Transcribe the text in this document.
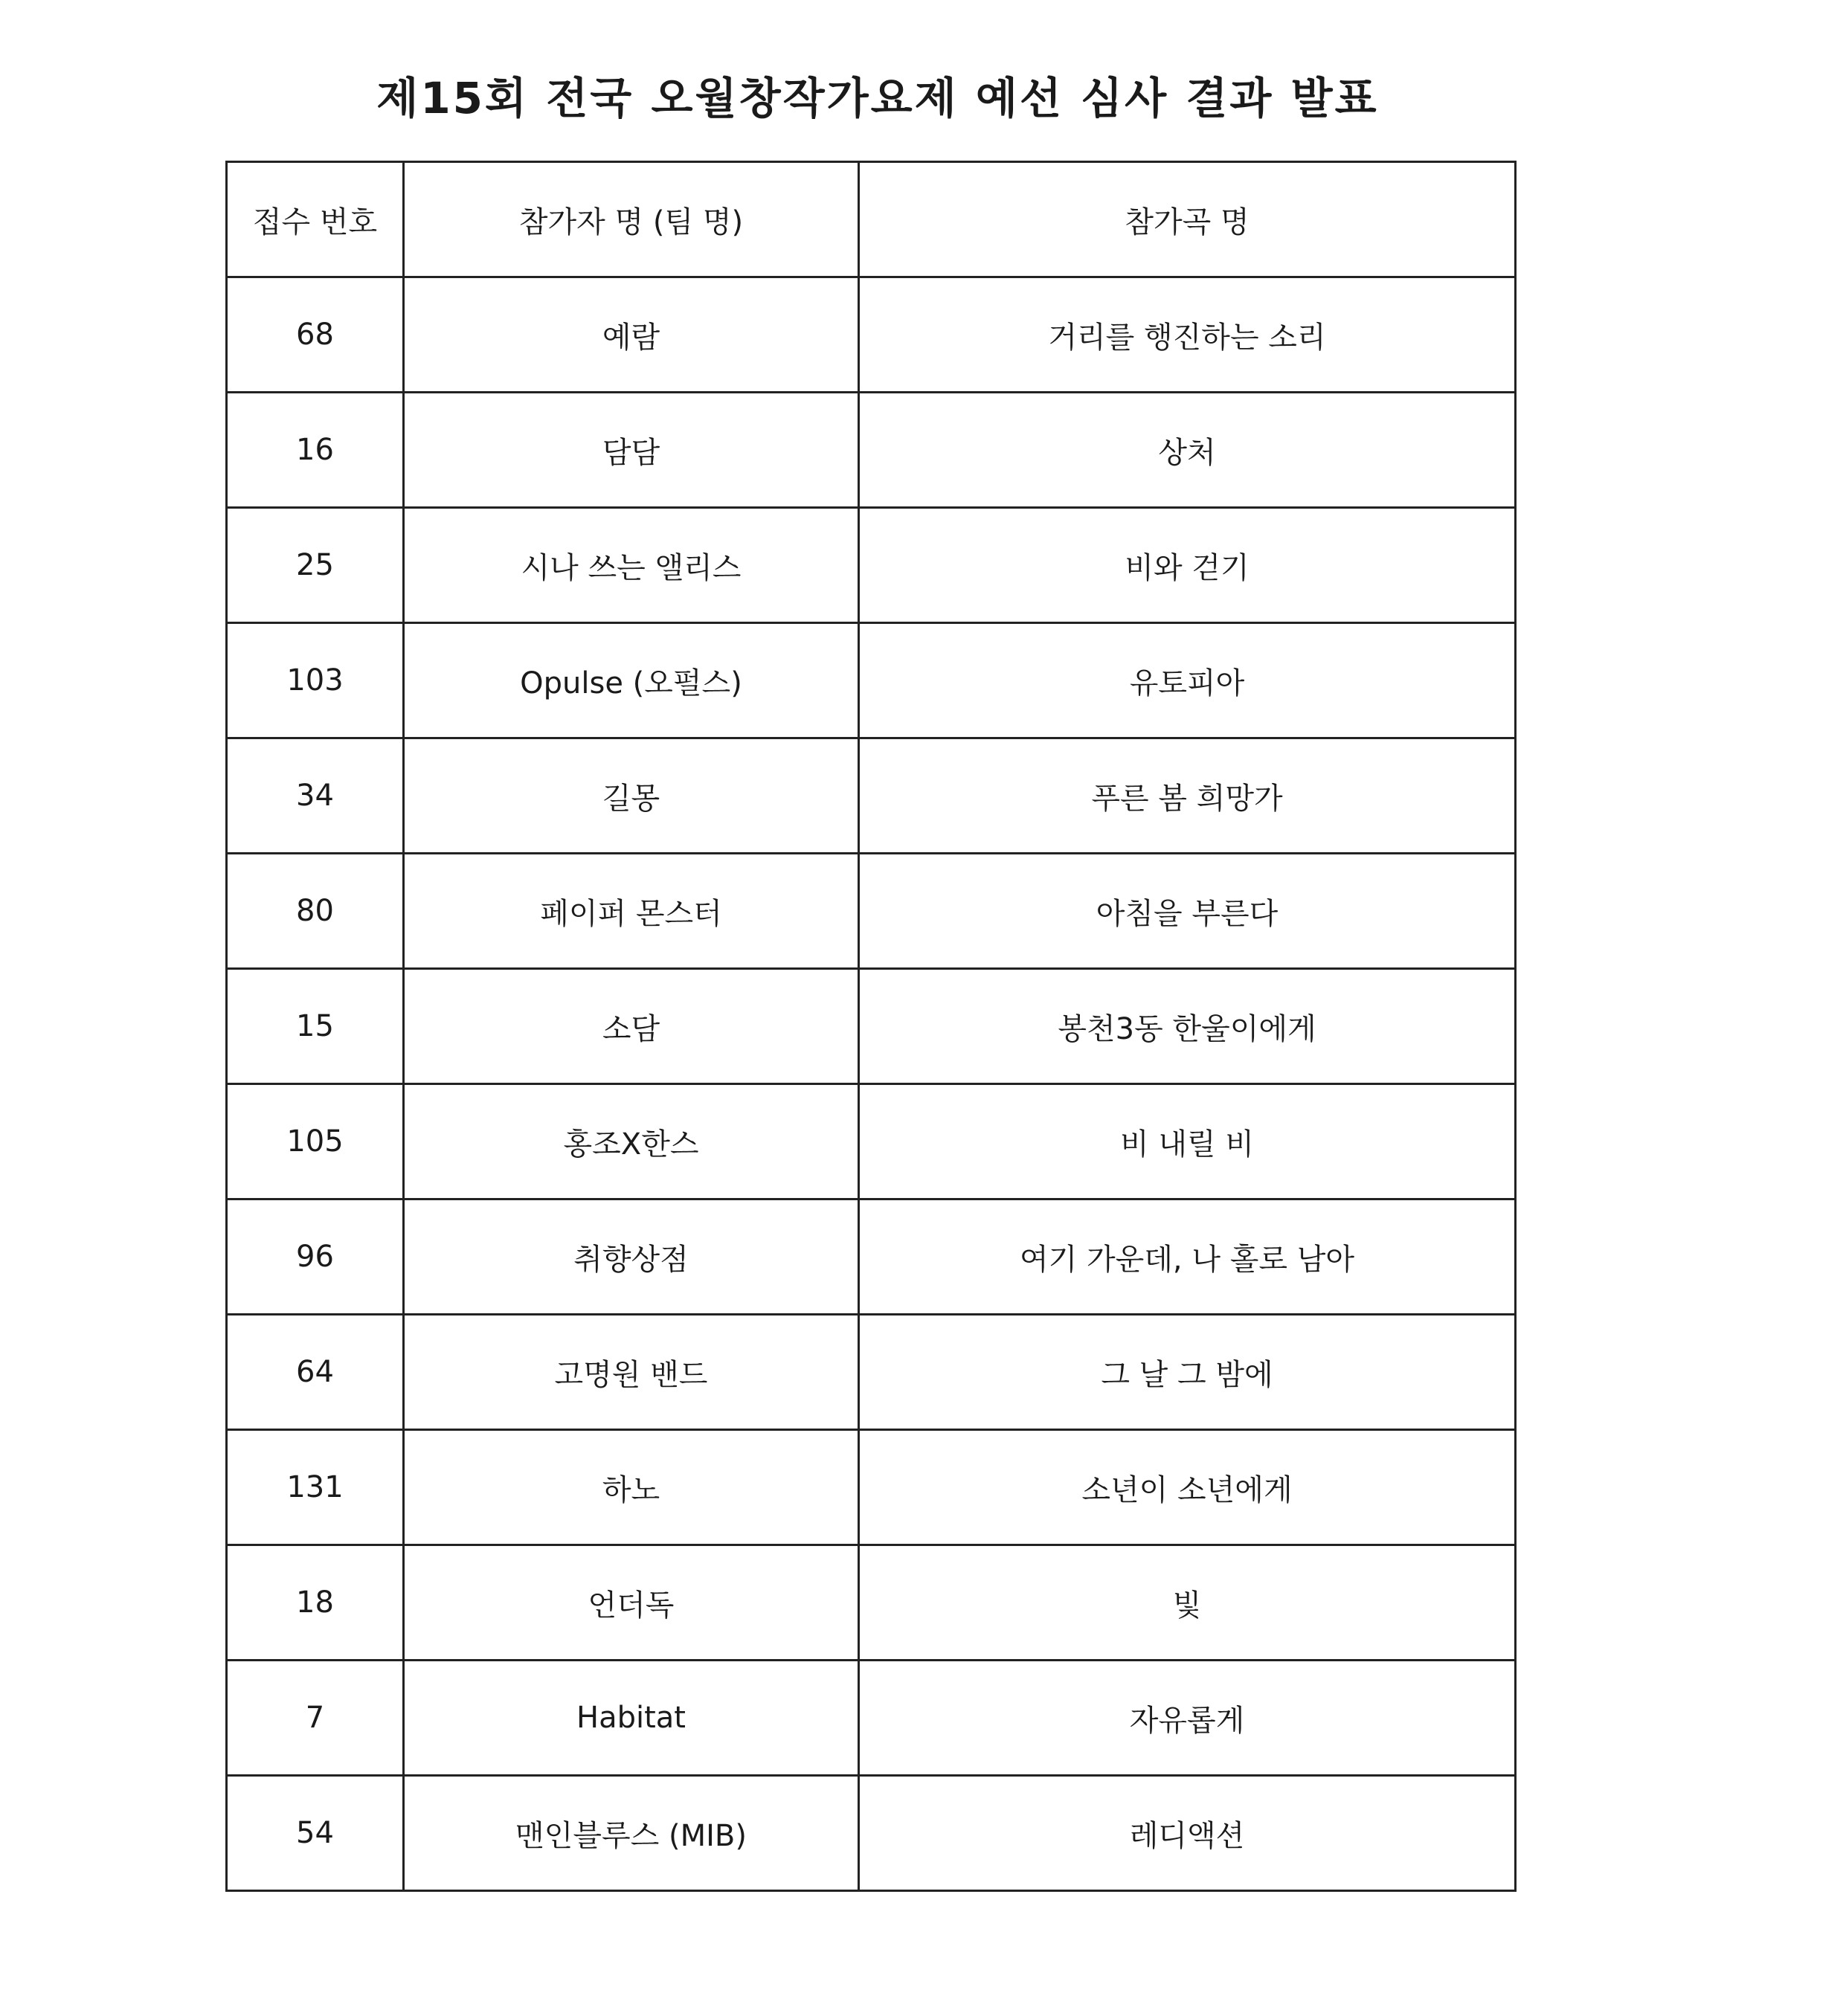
제15회 전국 오월창작가요제 예선 심사 결과 발표
접수 번호	참가자 명 (팀 명)	참가곡 명
68	예람	거리를 행진하는 소리
16	담담	상처
25	시나 쓰는 앨리스	비와 걷기
103	Opulse (오펄스)	유토피아
34	길몽	푸른 봄 희망가
80	페이퍼 몬스터	아침을 부른다
15	소담	봉천3동 한울이에게
105	홍조X한스	비 내릴 비
96	취향상점	여기 가운데, 나 홀로 남아
64	고명원 밴드	그 날 그 밤에
131	하노	소년이 소년에게
18	언더독	빛
7	Habitat	자유롭게
54	맨인블루스 (MIB)	레디액션
